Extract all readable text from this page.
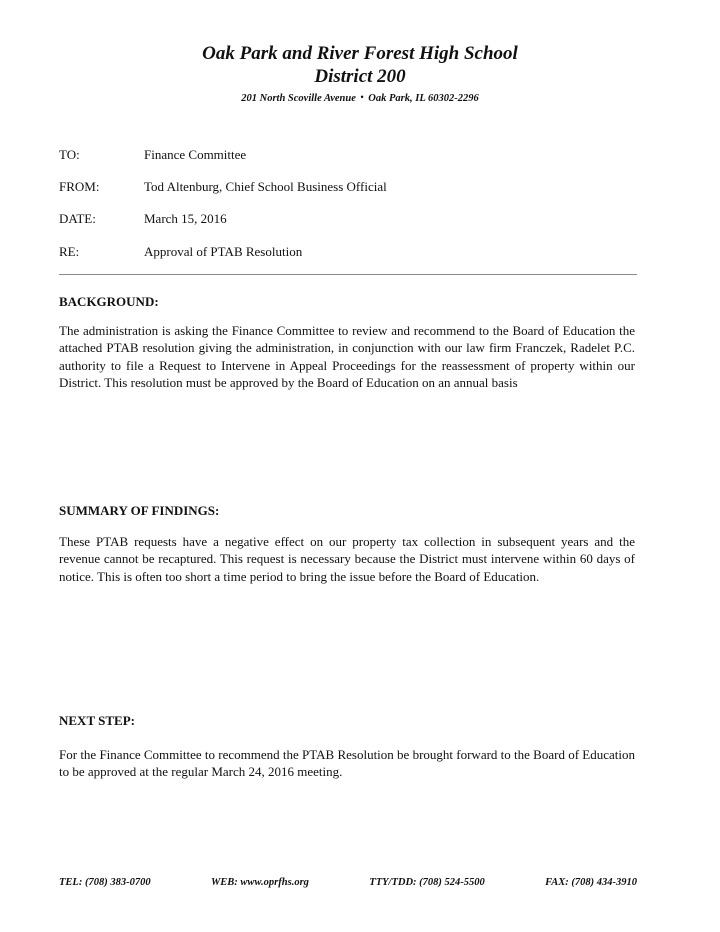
Oak Park and River Forest High School
District 200
201 North Scoville Avenue • Oak Park, IL 60302-2296
TO:	Finance Committee
FROM:	Tod Altenburg, Chief School Business Official
DATE:	March 15, 2016
RE:	Approval of PTAB Resolution
BACKGROUND:
The administration is asking the Finance Committee to review and recommend to the Board of Education the attached PTAB resolution giving the administration, in conjunction with our law firm Franczek, Radelet P.C. authority to file a Request to Intervene in Appeal Proceedings for the reassessment of property within our District. This resolution must be approved by the Board of Education on an annual basis
SUMMARY OF FINDINGS:
These PTAB requests have a negative effect on our property tax collection in subsequent years and the revenue cannot be recaptured. This request is necessary because the District must intervene within 60 days of notice. This is often too short a time period to bring the issue before the Board of Education.
NEXT STEP:
For the Finance Committee to recommend the PTAB Resolution be brought forward to the Board of Education to be approved at the regular March 24, 2016 meeting.
TEL: (708) 383-0700	WEB: www.oprfhs.org	TTY/TDD: (708) 524-5500	FAX: (708) 434-3910
